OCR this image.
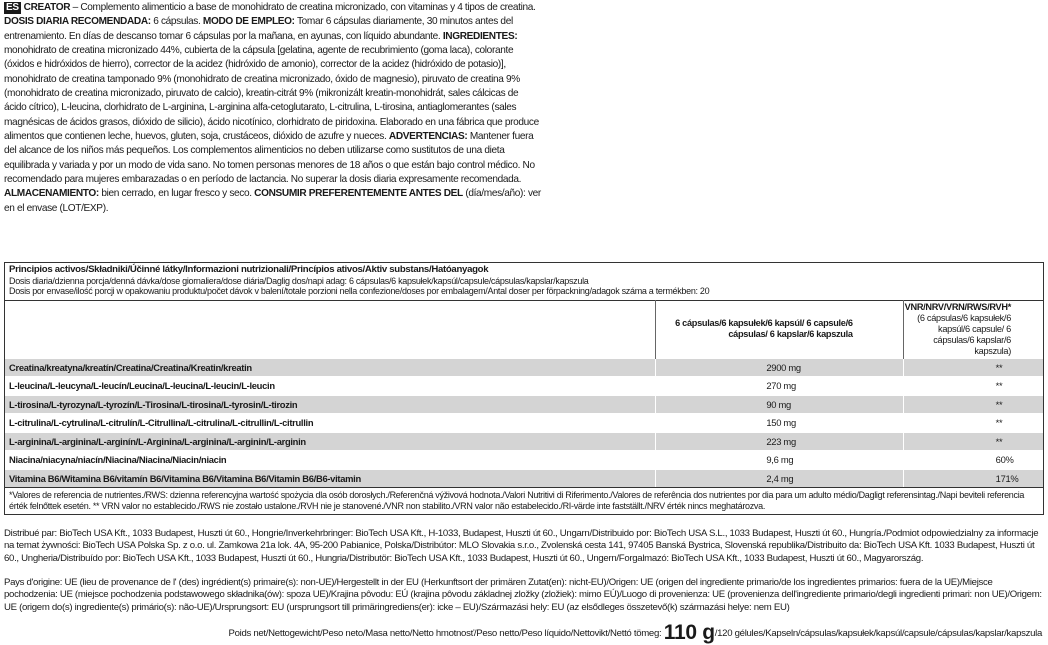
ES CREATOR – Complemento alimenticio a base de monohidrato de creatina micronizado, con vitaminas y 4 tipos de creatina. DOSIS DIARIA RECOMENDADA: 6 cápsulas. MODO DE EMPLEO: Tomar 6 cápsulas diariamente, 30 minutos antes del entrenamiento. En días de descanso tomar 6 cápsulas por la mañana, en ayunas, con líquido abundante. INGREDIENTES: monohidrato de creatina micronizado 44%, cubierta de la cápsula [gelatina, agente de recubrimiento (goma laca), colorante (óxidos e hidróxidos de hierro), corrector de la acidez (hidróxido de amonio), corrector de la acidez (hidróxido de potasio)], monohidrato de creatina tamponado 9% (monohidrato de creatina micronizado, óxido de magnesio), piruvato de creatina 9% (monohidrato de creatina micronizado, piruvato de calcio), kreatin-citrát 9% (mikronizált kreatin-monohidrát, sales cálcicas de ácido cítrico), L-leucina, clorhidrato de L-arginina, L-arginina alfa-cetoglutarato, L-citrulina, L-tirosina, antiaglomerantes (sales magnésicas de ácidos grasos, dióxido de silicio), ácido nicotínico, clorhidrato de piridoxina. Elaborado en una fábrica que produce alimentos que contienen leche, huevos, gluten, soja, crustáceos, dióxido de azufre y nueces. ADVERTENCIAS: Mantener fuera del alcance de los niños más pequeños. Los complementos alimenticios no deben utilizarse como sustitutos de una dieta equilibrada y variada y por un modo de vida sano. No tomen personas menores de 18 años o que están bajo control médico. No recomendado para mujeres embarazadas o en período de lactancia. No superar la dosis diaria expresamente recomendada. ALMACENAMIENTO: bien cerrado, en lugar fresco y seco. CONSUMIR PREFERENTEMENTE ANTES DEL (día/mes/año): ver en el envase (LOT/EXP).
Principios activos/Składniki/Účinné látky/Informazioni nutrizionali/Princípios ativos/Aktiv substans/Hatóanyagok
Dosis diaria/dzienna porcja/denná dávka/dose giornaliera/dose diária/Daglig dos/napi adag: 6 cápsulas/6 kapsułek/kapsúl/capsule/cápsulas/kapslar/kapszula
Dosis por envase/ilość porcji w opakowaniu produktu/počet dávok v balení/totale porzioni nella confezione/doses por embalagem/Antal doser per förpackning/adagok száma a termékben: 20
	6 cápsulas/6 kapsułek/6 kapsúl/ 6 capsule/6 cápsulas/ 6 kapslar/6 kapszula	VNR/NRV/VRN/RWS/RVH*
(6 cápsulas/6 kapsułek/6 kapsúl/6 capsule/ 6 cápsulas/6 kapslar/6 kapszula)

Creatina/kreatyna/kreatín/Creatina/Creatina/Kreatin/kreatin	2900 mg	**
L-leucina/L-leucyna/L-leucín/Leucina/L-leucina/L-leucin/L-leucin	270 mg	**
L-tirosina/L-tyrozyna/L-tyrozín/L-Tirosina/L-tirosina/L-tyrosin/L-tirozin	90 mg	**
L-citrulina/L-cytrulina/L-citrulín/L-Citrullina/L-citrulina/L-citrullin/L-citrullin	150 mg	**
L-arginina/L-arginina/L-arginín/L-Arginina/L-arginina/L-arginin/L-arginin	223 mg	**
Niacina/niacyna/niacín/Niacina/Niacina/Niacin/niacin	9,6 mg	60%
Vitamina B6/Witamina B6/vitamín B6/Vitamina B6/Vitamina B6/Vitamin B6/B6-vitamin	2,4 mg	171%
*Valores de referencia de nutrientes./RWS: dzienna referencyjna wartość spożycia dla osób dorosłych./Referenčná výživová hodnota./Valori Nutritivi di Riferimento./Valores de referência dos nutrientes por dia para um adulto médio/Dagligt referensintag./Napi beviteli referencia érték felnőttek esetén. ** VRN valor no establecido./RWS nie zostało ustalone./RVH nie je stanovené./VNR non stabilito./VRN valor não estabelecido./RI-värde inte fastställt./NRV érték nincs meghatározva.
Distribué par: BioTech USA Kft., 1033 Budapest, Huszti út 60., Hongrie/Inverkehrbringer: BioTech USA Kft., H-1033, Budapest, Huszti út 60., Ungarn/Distribuido por: BioTech USA S.L., 1033 Budapest, Huszti út 60., Hungría./Podmiot odpowiedzialny za informacje na temat żywności: BioTech USA Polska Sp. z o.o. ul. Zamkowa 21a lok. 4A, 95-200 Pabianice, Polska/Distribútor: MLO Slovakia s.r.o., Zvolenská cesta 141, 97405 Banská Bystrica, Slovenská republika/Distribuito da: BioTech USA Kft. 1033 Budapest, Huszti út 60., Ungheria/Distribuído por: BioTech USA Kft., 1033 Budapest, Huszti út 60., Hungria/Distributör: BioTech USA Kft., 1033 Budapest, Huszti út 60., Ungern/Forgalmazó: BioTech USA Kft., 1033 Budapest, Huszti út 60., Magyarország.
Pays d'origine: UE (lieu de provenance de l' (des) ingrédient(s) primaire(s): non-UE)/Hergestellt in der EU (Herkunftsort der primären Zutat(en): nicht-EU)/Origen: UE (origen del ingrediente primario/de los ingredientes primarios: fuera de la UE)/Miejsce pochodzenia: UE (miejsce pochodzenia podstawowego składnika(ów): spoza UE)/Krajina pôvodu: EÚ (krajina pôvodu základnej zložky (zložiek): mimo EÚ)/Luogo di provenienza: UE (provenienza dell'ingrediente primario/degli ingredienti primari: non UE)/Origem: UE (origem do(s) ingrediente(s) primário(s): não-UE)/Ursprungsort: EU (ursprungsort till primäringrediens(er): icke – EU)/Származási hely: EU (az elsődleges összetevő(k) származási helye: nem EU)
Poids net/Nettogewicht/Peso neto/Masa netto/Netto hmotnosť/Peso netto/Peso líquido/Nettovikt/Nettó tömeg: 110 g/120 gélules/Kapseln/cápsulas/kapsułek/kapsúl/capsule/cápsulas/kapslar/kapszula
